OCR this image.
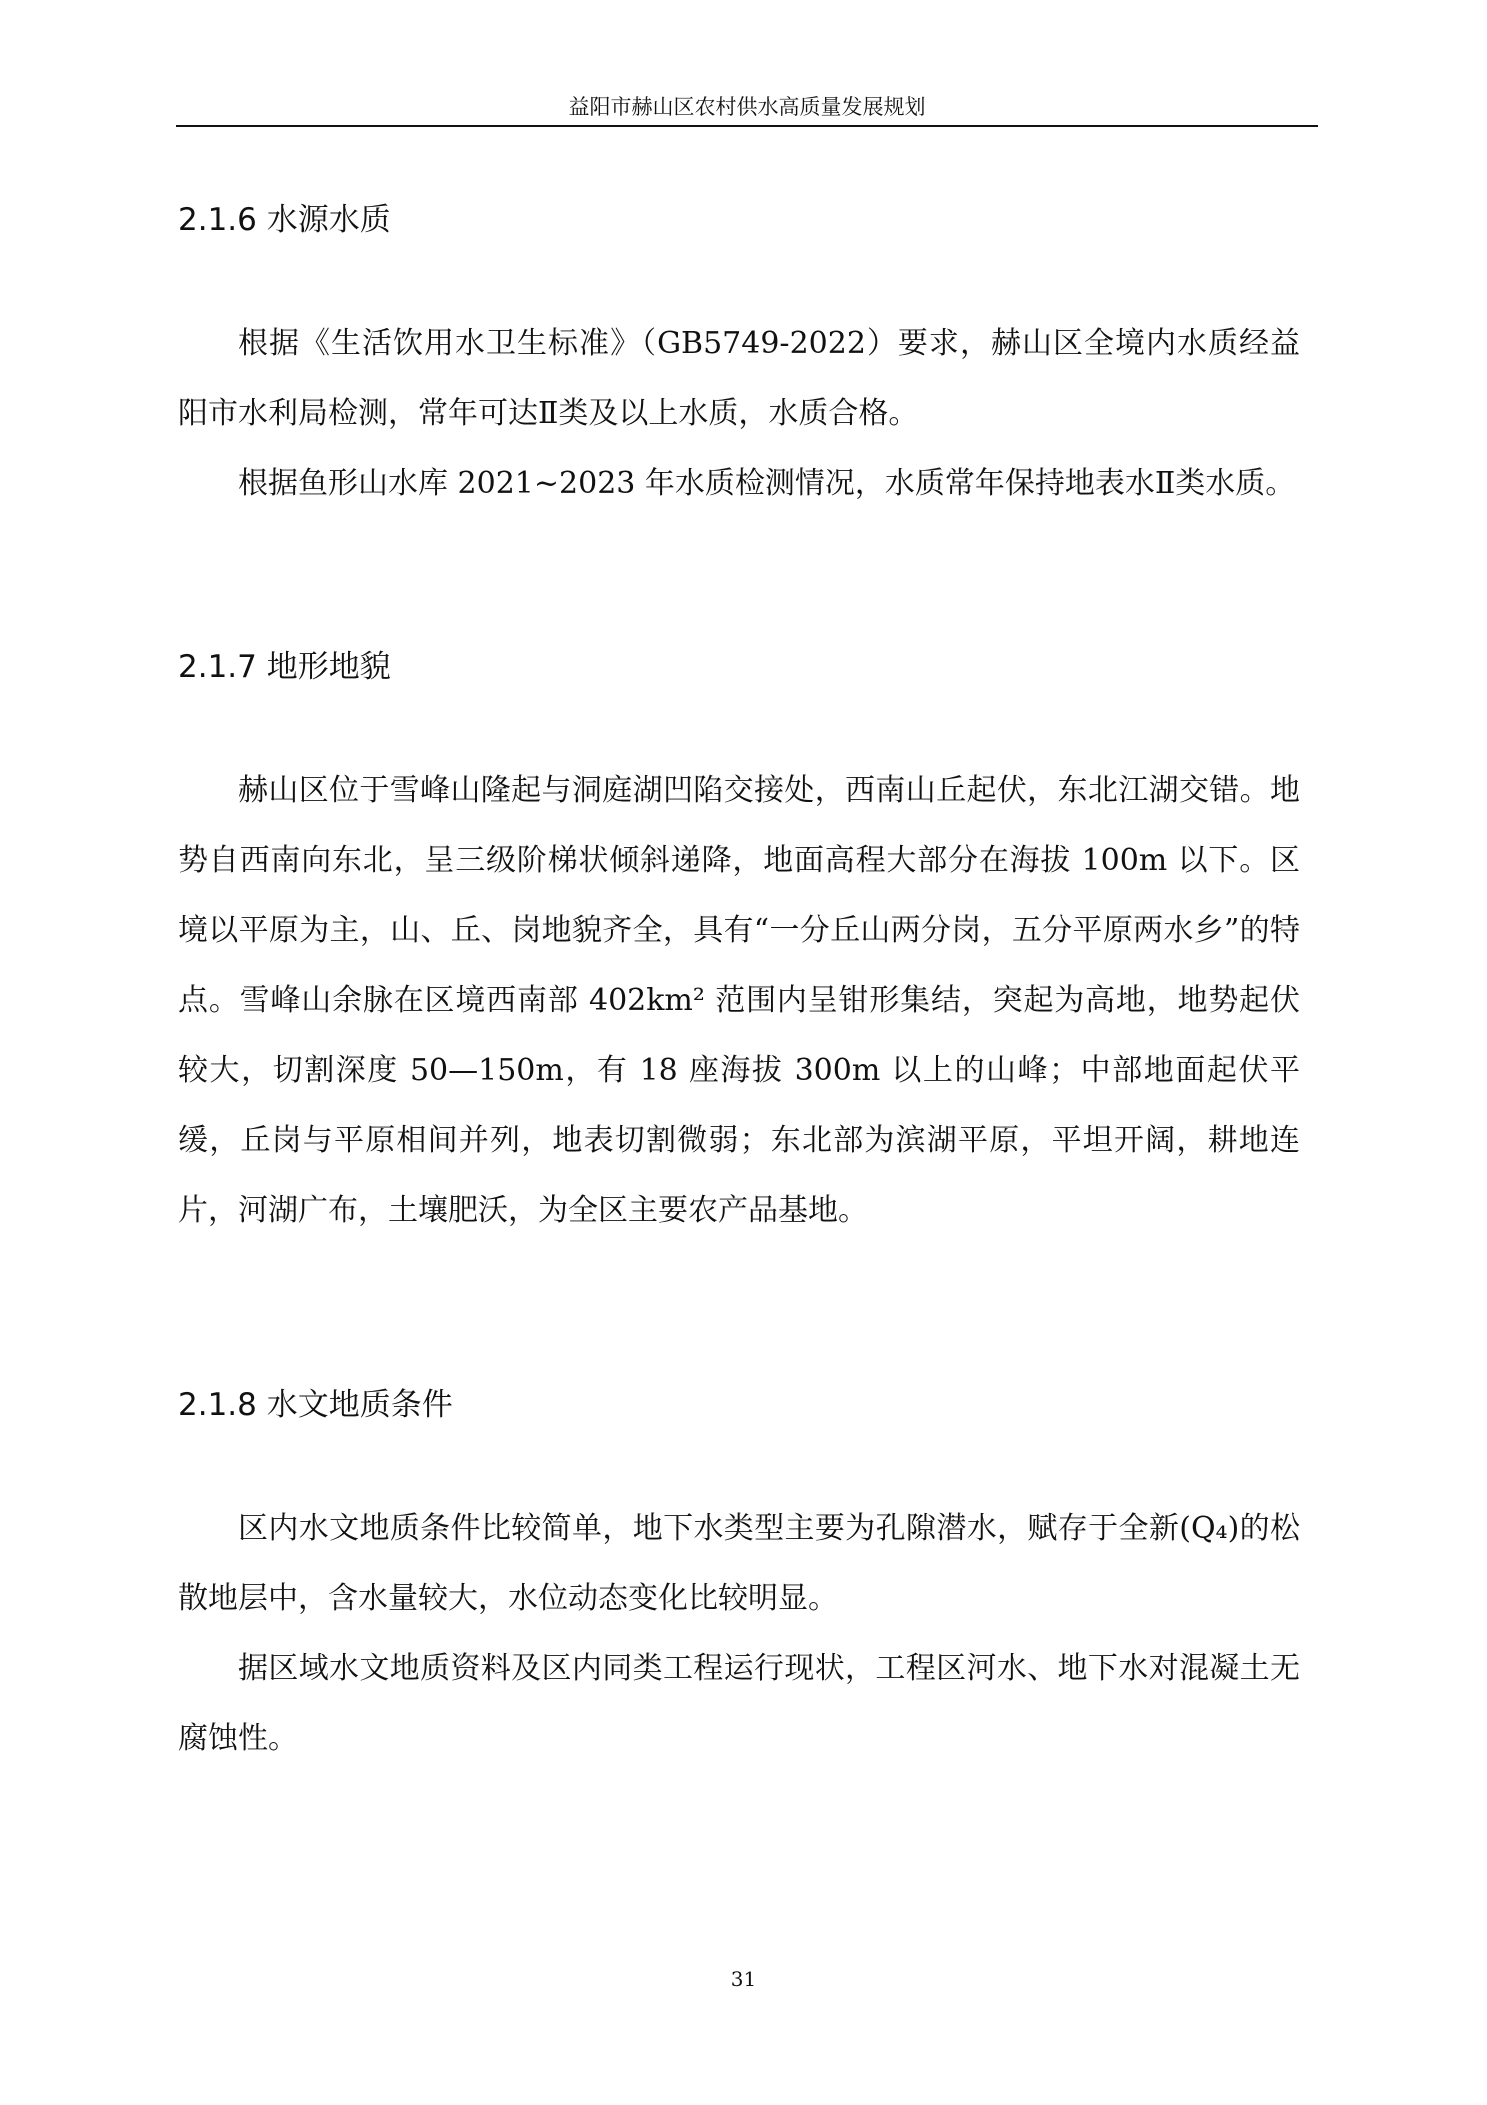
益阳市赫山区农村供水高质量发展规划
2.1.6 水源水质

根据《生活饮用水卫生标准》（GB5749-2022）要求，赫山区全境内水质经益阳市水利局检测，常年可达Ⅱ类及以上水质，水质合格。

根据鱼形山水库 2021~2023 年水质检测情况，水质常年保持地表水Ⅱ类水质。

2.1.7 地形地貌

赫山区位于雪峰山隆起与洞庭湖凹陷交接处，西南山丘起伏，东北江湖交错。地势自西南向东北，呈三级阶梯状倾斜递降，地面高程大部分在海拔 100m 以下。区境以平原为主，山、丘、岗地貌齐全，具有“一分丘山两分岗，五分平原两水乡”的特点。雪峰山余脉在区境西南部 402km² 范围内呈钳形集结，突起为高地，地势起伏较大，切割深度 50—150m，有 18 座海拔 300m 以上的山峰；中部地面起伏平缓，丘岗与平原相间并列，地表切割微弱；东北部为滨湖平原，平坦开阔，耕地连片，河湖广布，土壤肥沃，为全区主要农产品基地。

2.1.8 水文地质条件

区内水文地质条件比较简单，地下水类型主要为孔隙潜水，赋存于全新(Q₄)的松散地层中，含水量较大，水位动态变化比较明显。

据区域水文地质资料及区内同类工程运行现状，工程区河水、地下水对混凝土无腐蚀性。

31
